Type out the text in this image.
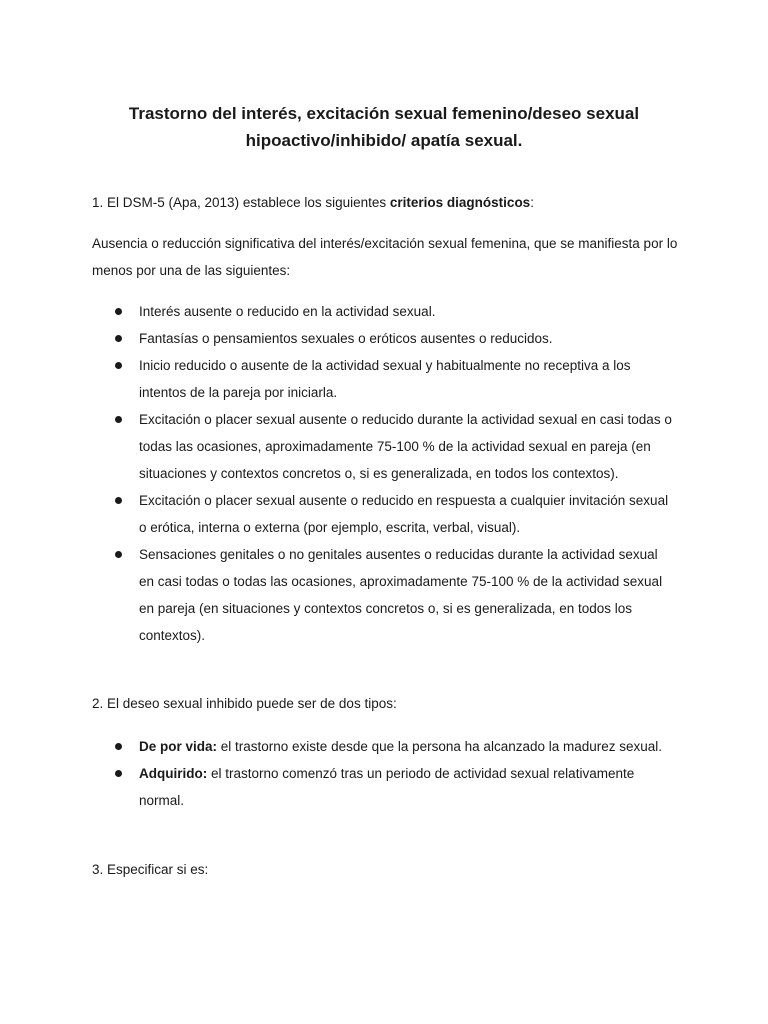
Trastorno del interés, excitación sexual femenino/deseo sexual
hipoactivo/inhibido/ apatía sexual.
1. El DSM-5 (Apa, 2013) establece los siguientes criterios diagnósticos:
Ausencia o reducción significativa del interés/excitación sexual femenina, que se manifiesta por lo menos por una de las siguientes:
Interés ausente o reducido en la actividad sexual.
Fantasías o pensamientos sexuales o eróticos ausentes o reducidos.
Inicio reducido o ausente de la actividad sexual y habitualmente no receptiva a los intentos de la pareja por iniciarla.
Excitación o placer sexual ausente o reducido durante la actividad sexual en casi todas o todas las ocasiones, aproximadamente 75-100 % de la actividad sexual en pareja (en situaciones y contextos concretos o, si es generalizada, en todos los contextos).
Excitación o placer sexual ausente o reducido en respuesta a cualquier invitación sexual o erótica, interna o externa (por ejemplo, escrita, verbal, visual).
Sensaciones genitales o no genitales ausentes o reducidas durante la actividad sexual en casi todas o todas las ocasiones, aproximadamente 75-100 % de la actividad sexual en pareja (en situaciones y contextos concretos o, si es generalizada, en todos los contextos).
2. El deseo sexual inhibido puede ser de dos tipos:
De por vida: el trastorno existe desde que la persona ha alcanzado la madurez sexual.
Adquirido: el trastorno comenzó tras un periodo de actividad sexual relativamente normal.
3. Especificar si es:
